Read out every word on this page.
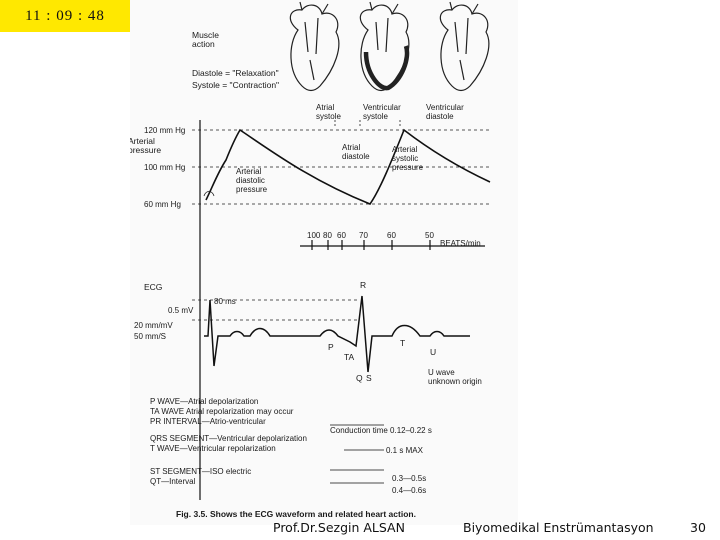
11 : 09 : 48
Muscle action
Diastole = "Relaxation"
Systole = "Contraction"
Atrial systole
Ventricular systole
Ventricular diastole
Arterial pressure
120 mm Hg
100 mm Hg
60 mm Hg
Atrial diastole
Arterial systolic pressure
Arterial diastolic pressure
100 80 60 70 60	50
BEATS/min
ECG
80 ms
0.5 mV
20 mm/mV
50 mm/S
R
P	T
TA	U
Q S
U wave unknown origin
P WAVE—Atrial depolarization
TA WAVE Atrial repolarization may occur
PR INTERVAL—Atrio-ventricular
QRS SEGMENT—Ventricular depolarization
T WAVE—Ventricular repolarization
ST SEGMENT—ISO electric
QT—Interval
Conduction time 0.12–0.22 s
0.1 s MAX
0.3—0.5s
0.4—0.6s
Fig. 3.5. Shows the ECG waveform and related heart action.
Prof.Dr.Sezgin ALSAN	Biyomedikal Enstrümantasyon	30
